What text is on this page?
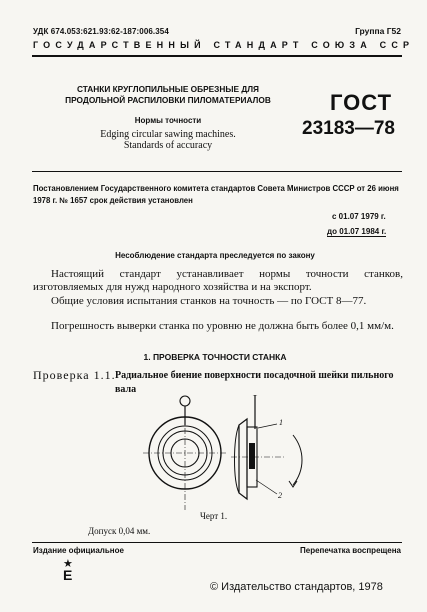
УДК 674.053:621.93:62-187:006.354	Группа Г52
ГОСУДАРСТВЕННЫЙ СТАНДАРТ СОЮЗА ССР
СТАНКИ КРУГЛОПИЛЬНЫЕ ОБРЕЗНЫЕ ДЛЯ
ПРОДОЛЬНОЙ РАСПИЛОВКИ ПИЛОМАТЕРИАЛОВ
Нормы точности
Edging circular sawing machines.
Standards of accuracy
ГОСТ
23183—78
Постановлением Государственного комитета стандартов Совета Министров СССР от 26 июня 1978 г. № 1657 срок действия установлен
с 01.07 1979 г.
до 01.07 1984 г.
Несоблюдение стандарта преследуется по закону
Настоящий стандарт устанавливает нормы точности станков, изготовляемых для нужд народного хозяйства и на экспорт.
Общие условия испытания станков на точность — по ГОСТ 8—77.
Погрешность выверки станка по уровню не должна быть более 0,1 мм/м.
1. ПРОВЕРКА ТОЧНОСТИ СТАНКА
Проверка 1.1. Радиальное биение поверхности посадочной шейки пильного вала
1
2
Черт 1.
Допуск 0,04 мм.
Издание официальное	Перепечатка воспрещена
★
Е
© Издательство стандартов, 1978
